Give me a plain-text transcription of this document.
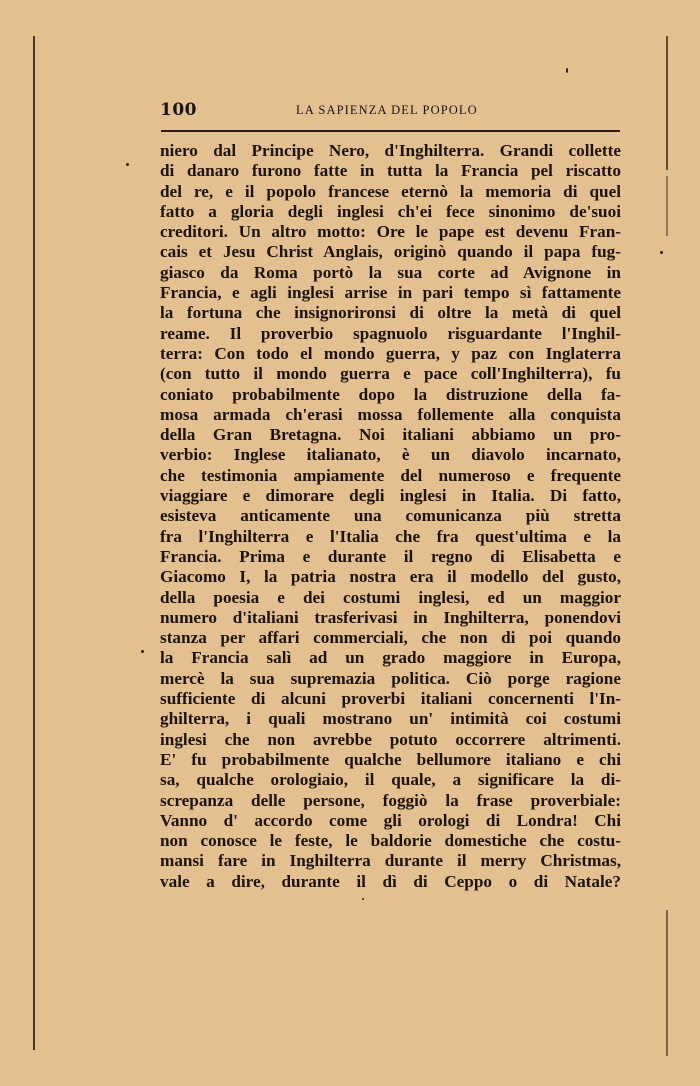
100	LA SAPIENZA DEL POPOLO
niero dal Principe Nero, d'Inghilterra. Grandi collette
di danaro furono fatte in tutta la Francia pel riscatto
del re, e il popolo francese eternò la memoria di quel
fatto a gloria degli inglesi ch'ei fece sinonimo de'suoi
creditori. Un altro motto: Ore le pape est devenu Fran-
cais et Jesu Christ Anglais, originò quando il papa fug-
giasco da Roma portò la sua corte ad Avignone in
Francia, e agli inglesi arrise in pari tempo sì fattamente
la fortuna che insignorironsi di oltre la metà di quel
reame. Il proverbio spagnuolo risguardante l'Inghil-
terra: Con todo el mondo guerra, y paz con Inglaterra
(con tutto il mondo guerra e pace coll'Inghilterra), fu
coniato probabilmente dopo la distruzione della fa-
mosa armada ch'erasi mossa follemente alla conquista
della Gran Bretagna. Noi italiani abbiamo un pro-
verbio: Inglese italianato, è un diavolo incarnato,
che testimonia ampiamente del numeroso e frequente
viaggiare e dimorare degli inglesi in Italia. Di fatto,
esisteva anticamente una comunicanza più stretta
fra l'Inghilterra e l'Italia che fra quest'ultima e la
Francia. Prima e durante il regno di Elisabetta e
Giacomo I, la patria nostra era il modello del gusto,
della poesia e dei costumi inglesi, ed un maggior
numero d'italiani trasferivasi in Inghilterra, ponendovi
stanza per affari commerciali, che non di poi quando
la Francia salì ad un grado maggiore in Europa,
mercè la sua supremazia politica. Ciò porge ragione
sufficiente di alcuni proverbi italiani concernenti l'In-
ghilterra, i quali mostrano un' intimità coi costumi
inglesi che non avrebbe potuto occorrere altrimenti.
E' fu probabilmente qualche bellumore italiano e chi
sa, qualche orologiaio, il quale, a significare la di-
screpanza delle persone, foggiò la frase proverbiale:
Vanno d' accordo come gli orologi di Londra! Chi
non conosce le feste, le baldorie domestiche che costu-
mansi fare in Inghilterra durante il merry Christmas,
vale a dire, durante il dì di Ceppo o di Natale?
